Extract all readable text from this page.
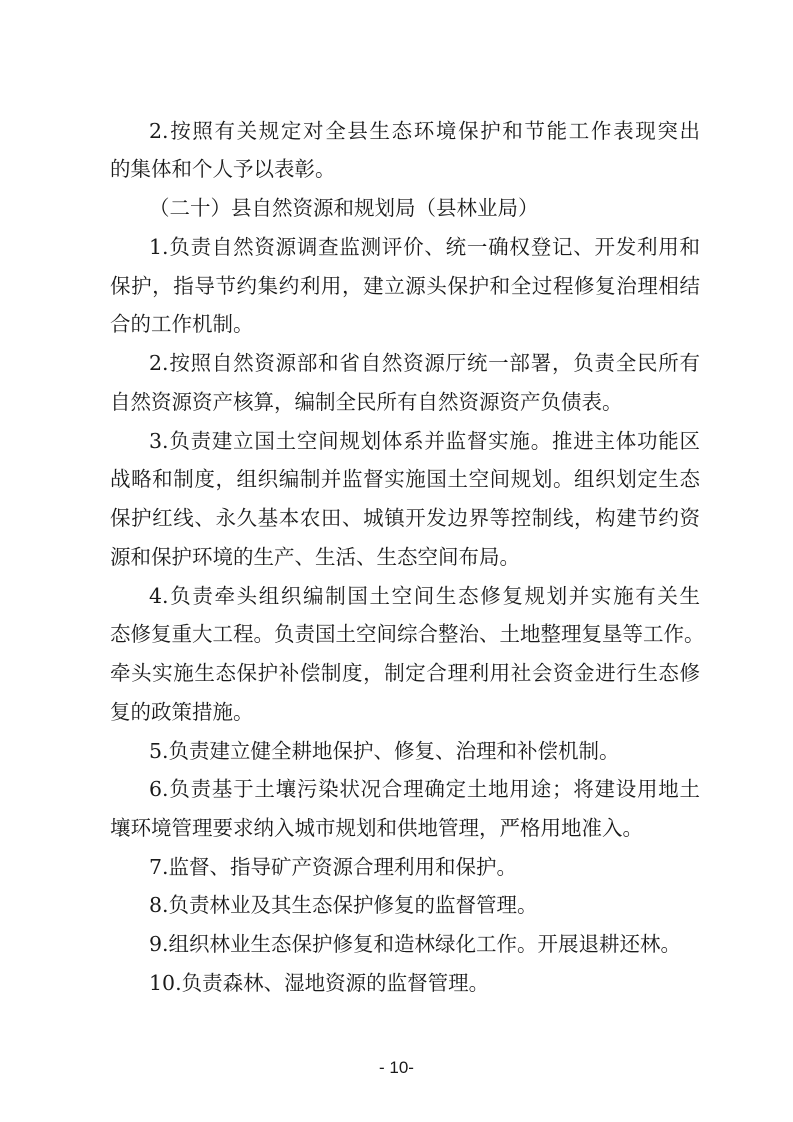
2.按照有关规定对全县生态环境保护和节能工作表现突出
的集体和个人予以表彰。
（二十）县自然资源和规划局（县林业局）
1.负责自然资源调查监测评价、统一确权登记、开发利用和
保护，指导节约集约利用，建立源头保护和全过程修复治理相结
合的工作机制。
2.按照自然资源部和省自然资源厅统一部署，负责全民所有
自然资源资产核算，编制全民所有自然资源资产负债表。
3.负责建立国土空间规划体系并监督实施。推进主体功能区
战略和制度，组织编制并监督实施国土空间规划。组织划定生态
保护红线、永久基本农田、城镇开发边界等控制线，构建节约资
源和保护环境的生产、生活、生态空间布局。
4.负责牵头组织编制国土空间生态修复规划并实施有关生
态修复重大工程。负责国土空间综合整治、土地整理复垦等工作。
牵头实施生态保护补偿制度，制定合理利用社会资金进行生态修
复的政策措施。
5.负责建立健全耕地保护、修复、治理和补偿机制。
6.负责基于土壤污染状况合理确定土地用途；将建设用地土
壤环境管理要求纳入城市规划和供地管理，严格用地准入。
7.监督、指导矿产资源合理利用和保护。
8.负责林业及其生态保护修复的监督管理。
9.组织林业生态保护修复和造林绿化工作。开展退耕还林。
10.负责森林、湿地资源的监督管理。
- 10-
